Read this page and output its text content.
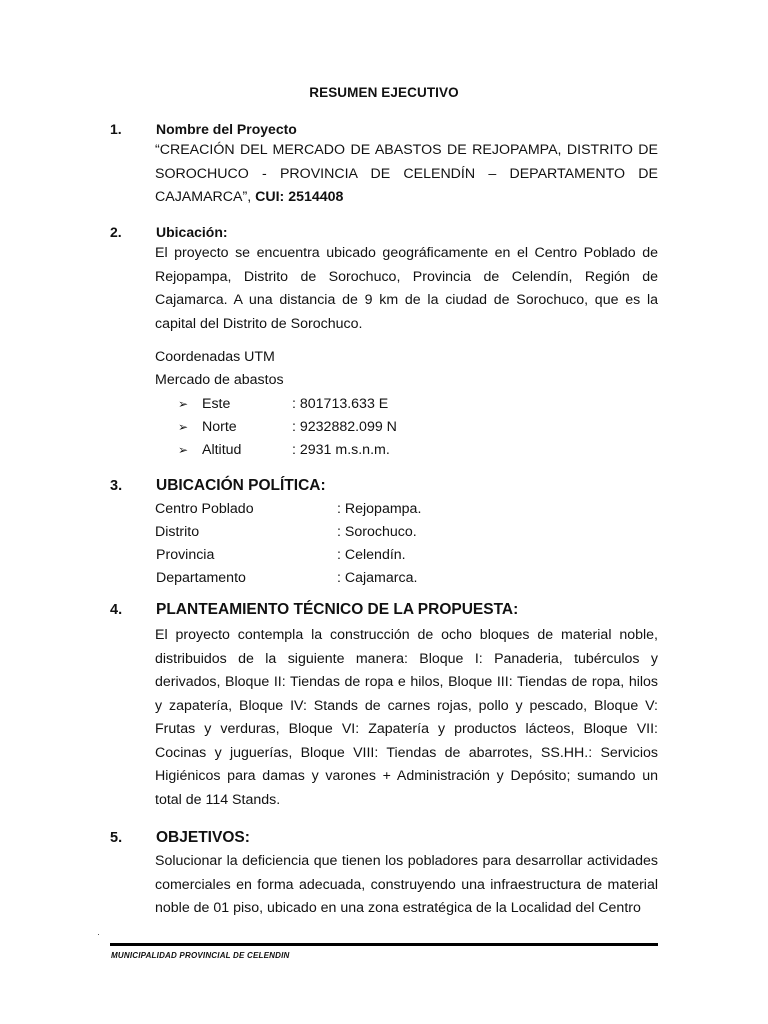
RESUMEN EJECUTIVO
1. Nombre del Proyecto

“CREACIÓN DEL MERCADO DE ABASTOS DE REJOPAMPA, DISTRITO DE SOROCHUCO - PROVINCIA DE CELENDÍN – DEPARTAMENTO DE CAJAMARCA”, CUI: 2514408

2. Ubicación:

El proyecto se encuentra ubicado geográficamente en el Centro Poblado de Rejopampa, Distrito de Sorochuco, Provincia de Celendín, Región de Cajamarca. A una distancia de 9 km de la ciudad de Sorochuco, que es la capital del Distrito de Sorochuco.

Coordenadas UTM
Mercado de abastos
➢ Este	: 801713.633 E
➢ Norte	: 9232882.099 N
➢ Altitud	: 2931 m.s.n.m.
3. UBICACIÓN POLÍTICA:
Centro Poblado	: Rejopampa.
Distrito	: Sorochuco.
Provincia	: Celendín.
Departamento	: Cajamarca.
4. PLANTEAMIENTO TÉCNICO DE LA PROPUESTA:

El proyecto contempla la construcción de ocho bloques de material noble, distribuidos de la siguiente manera: Bloque I: Panaderia, tubérculos y derivados, Bloque II: Tiendas de ropa e hilos, Bloque III: Tiendas de ropa, hilos y zapatería, Bloque IV: Stands de carnes rojas, pollo y pescado, Bloque V: Frutas y verduras, Bloque VI: Zapatería y productos lácteos, Bloque VII: Cocinas y juguerías, Bloque VIII: Tiendas de abarrotes, SS.HH.: Servicios Higiénicos para damas y varones + Administración y Depósito; sumando un total de 114 Stands.

5. OBJETIVOS:

Solucionar la deficiencia que tienen los pobladores para desarrollar actividades comerciales en forma adecuada, construyendo una infraestructura de material noble de 01 piso, ubicado en una zona estratégica de la Localidad del Centro

MUNICIPALIDAD PROVINCIAL DE CELENDIN
